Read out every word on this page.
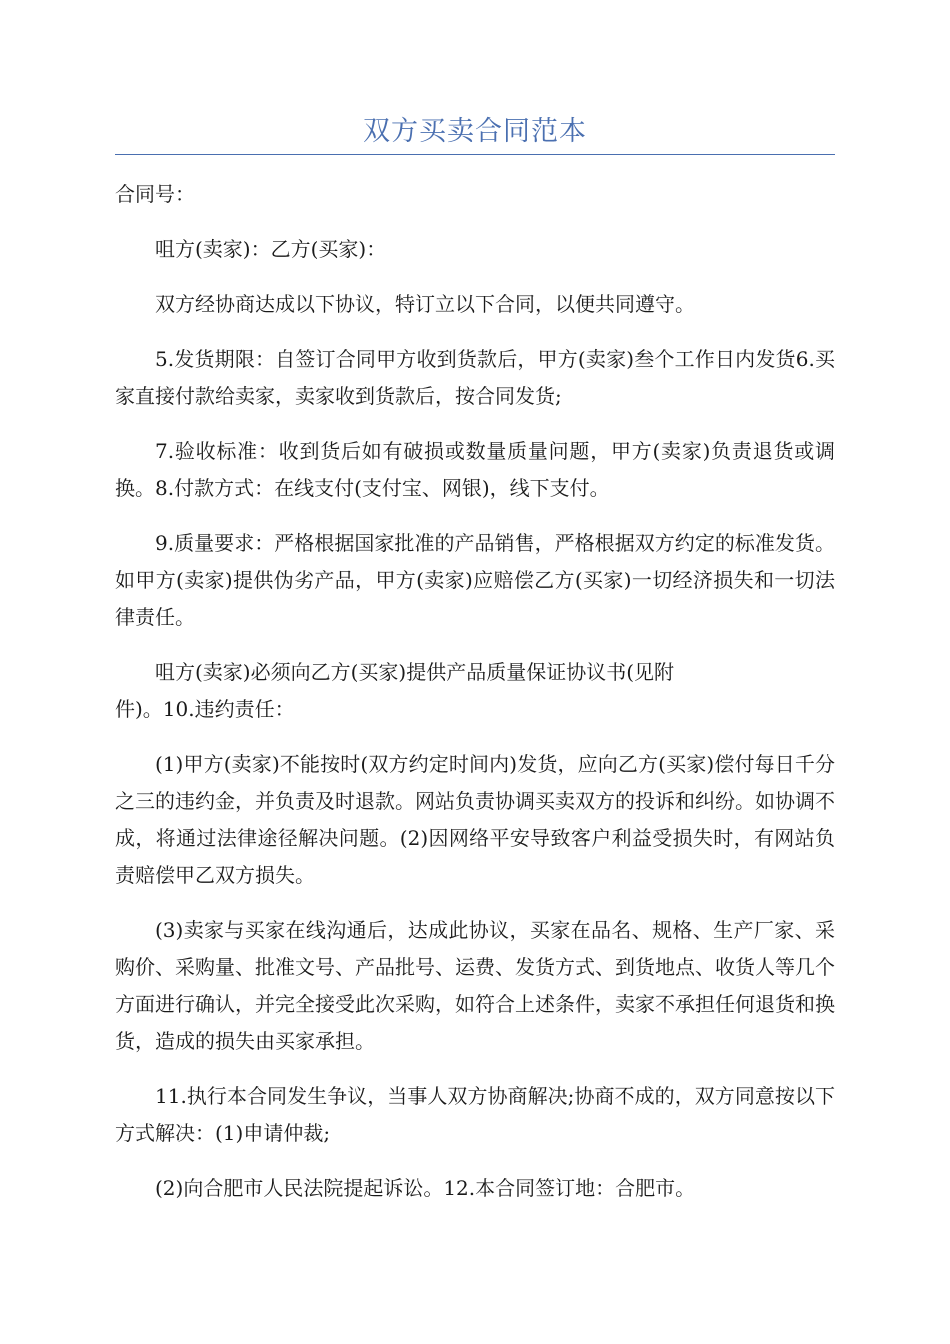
双方买卖合同范本

合同号：

咀方(卖家)：乙方(买家)：

双方经协商达成以下协议，特订立以下合同，以便共同遵守。

5.发货期限：自签订合同甲方收到货款后，甲方(卖家)叁个工作日内发货6.买家直接付款给卖家，卖家收到货款后，按合同发货;

7.验收标准：收到货后如有破损或数量质量问题，甲方(卖家)负责退货或调换。8.付款方式：在线支付(支付宝、网银)，线下支付。

9.质量要求：严格根据国家批准的产品销售，严格根据双方约定的标准发货。如甲方(卖家)提供伪劣产品，甲方(卖家)应赔偿乙方(买家)一切经济损失和一切法律责任。

咀方(卖家)必须向乙方(买家)提供产品质量保证协议书(见附
件)。10.违约责任：

(1)甲方(卖家)不能按时(双方约定时间内)发货，应向乙方(买家)偿付每日千分之三的违约金，并负责及时退款。网站负责协调买卖双方的投诉和纠纷。如协调不成，将通过法律途径解决问题。(2)因网络平安导致客户利益受损失时，有网站负责赔偿甲乙双方损失。

(3)卖家与买家在线沟通后，达成此协议，买家在品名、规格、生产厂家、采购价、采购量、批准文号、产品批号、运费、发货方式、到货地点、收货人等几个方面进行确认，并完全接受此次采购，如符合上述条件，卖家不承担任何退货和换货，造成的损失由买家承担。

11.执行本合同发生争议，当事人双方协商解决;协商不成的，双方同意按以下方式解决：(1)申请仲裁;

(2)向合肥市人民法院提起诉讼。12.本合同签订地：合肥市。
